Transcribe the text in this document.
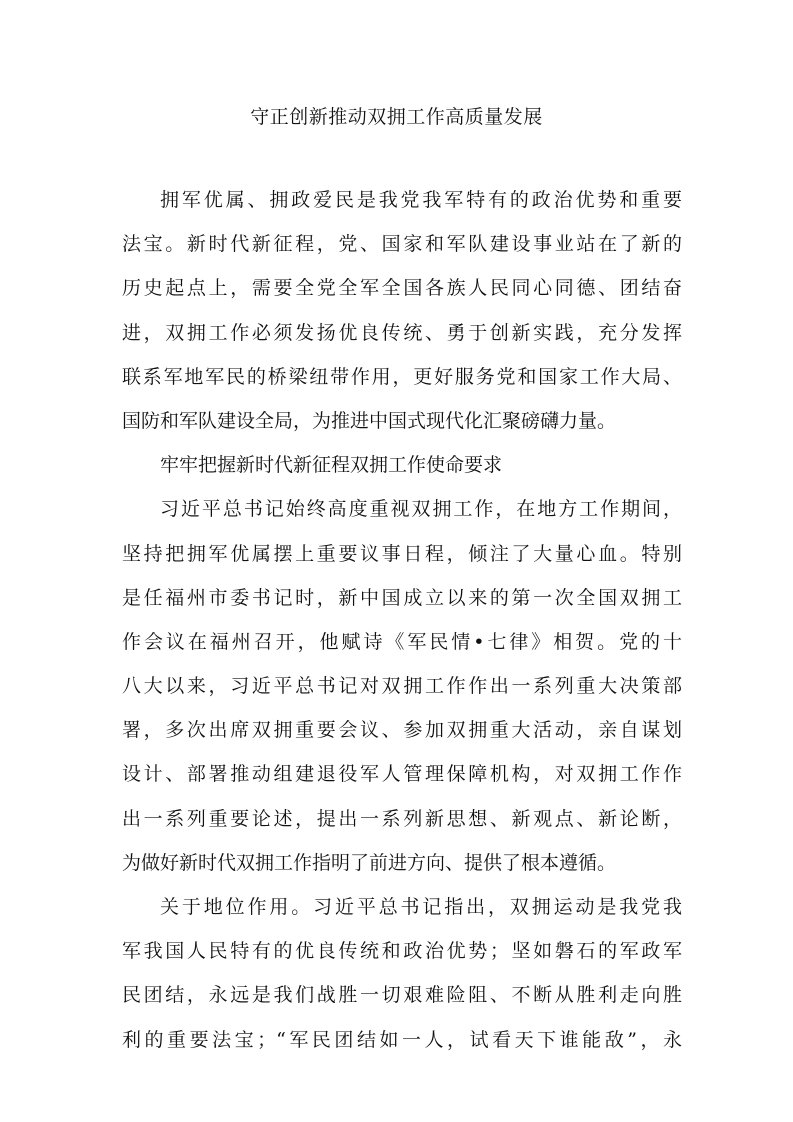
守正创新推动双拥工作高质量发展
拥军优属、拥政爱民是我党我军特有的政治优势和重要
法宝。新时代新征程，党、国家和军队建设事业站在了新的
历史起点上，需要全党全军全国各族人民同心同德、团结奋
进，双拥工作必须发扬优良传统、勇于创新实践，充分发挥
联系军地军民的桥梁纽带作用，更好服务党和国家工作大局、
国防和军队建设全局，为推进中国式现代化汇聚磅礴力量。
牢牢把握新时代新征程双拥工作使命要求
习近平总书记始终高度重视双拥工作，在地方工作期间，
坚持把拥军优属摆上重要议事日程，倾注了大量心血。特别
是任福州市委书记时，新中国成立以来的第一次全国双拥工
作会议在福州召开，他赋诗《军民情•七律》相贺。党的十
八大以来，习近平总书记对双拥工作作出一系列重大决策部
署，多次出席双拥重要会议、参加双拥重大活动，亲自谋划
设计、部署推动组建退役军人管理保障机构，对双拥工作作
出一系列重要论述，提出一系列新思想、新观点、新论断，
为做好新时代双拥工作指明了前进方向、提供了根本遵循。
关于地位作用。习近平总书记指出，双拥运动是我党我
军我国人民特有的优良传统和政治优势；坚如磐石的军政军
民团结，永远是我们战胜一切艰难险阻、不断从胜利走向胜
利的重要法宝；“军民团结如一人，试看天下谁能敌”，永
